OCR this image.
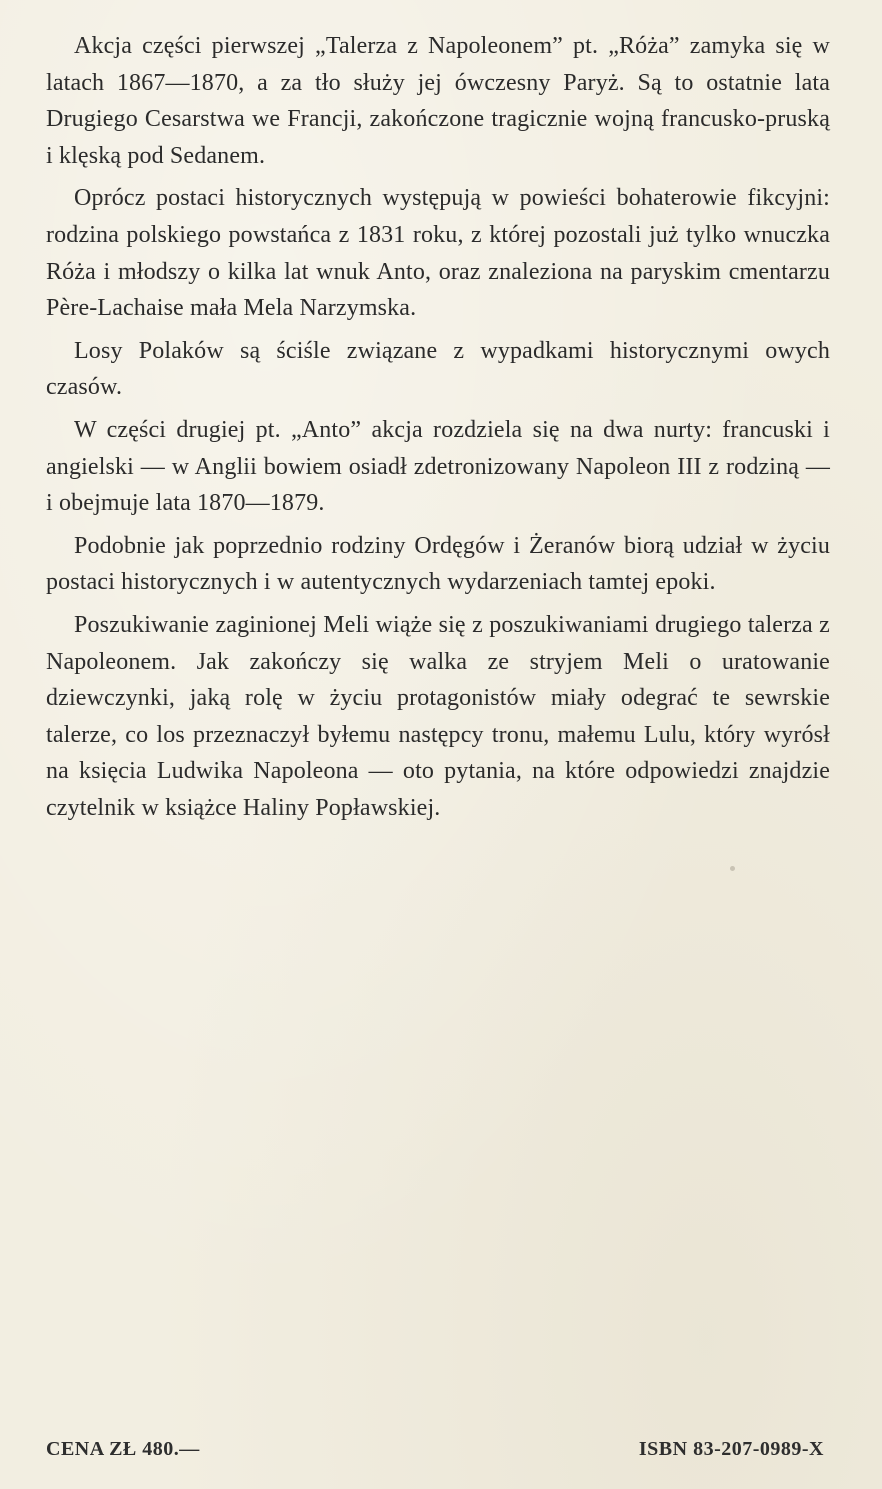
Akcja części pierwszej „Talerza z Napoleonem” pt. „Róża” zamyka się w latach 1867—1870, a za tło służy jej ówczesny Paryż. Są to ostatnie lata Drugiego Cesarstwa we Francji, zakończone tragicznie wojną francusko-pruską i klęską pod Sedanem.

Oprócz postaci historycznych występują w powieści bohaterowie fikcyjni: rodzina polskiego powstańca z 1831 roku, z której pozostali już tylko wnuczka Róża i młodszy o kilka lat wnuk Anto, oraz znaleziona na paryskim cmentarzu Père-Lachaise mała Mela Narzymska.

Losy Polaków są ściśle związane z wypadkami historycznymi owych czasów.

W części drugiej pt. „Anto” akcja rozdziela się na dwa nurty: francuski i angielski — w Anglii bowiem osiadł zdetronizowany Napoleon III z rodziną — i obejmuje lata 1870—1879.

Podobnie jak poprzednio rodziny Ordęgów i Żeranów biorą udział w życiu postaci historycznych i w autentycznych wydarzeniach tamtej epoki.

Poszukiwanie zaginionej Meli wiąże się z poszukiwaniami drugiego talerza z Napoleonem. Jak zakończy się walka ze stryjem Meli o uratowanie dziewczynki, jaką rolę w życiu protagonistów miały odegrać te sewrskie talerze, co los przeznaczył byłemu następcy tronu, małemu Lulu, który wyrósł na księcia Ludwika Napoleona — oto pytania, na które odpowiedzi znajdzie czytelnik w książce Haliny Popławskiej.

CENA ZŁ 480.—	ISBN 83-207-0989-X
